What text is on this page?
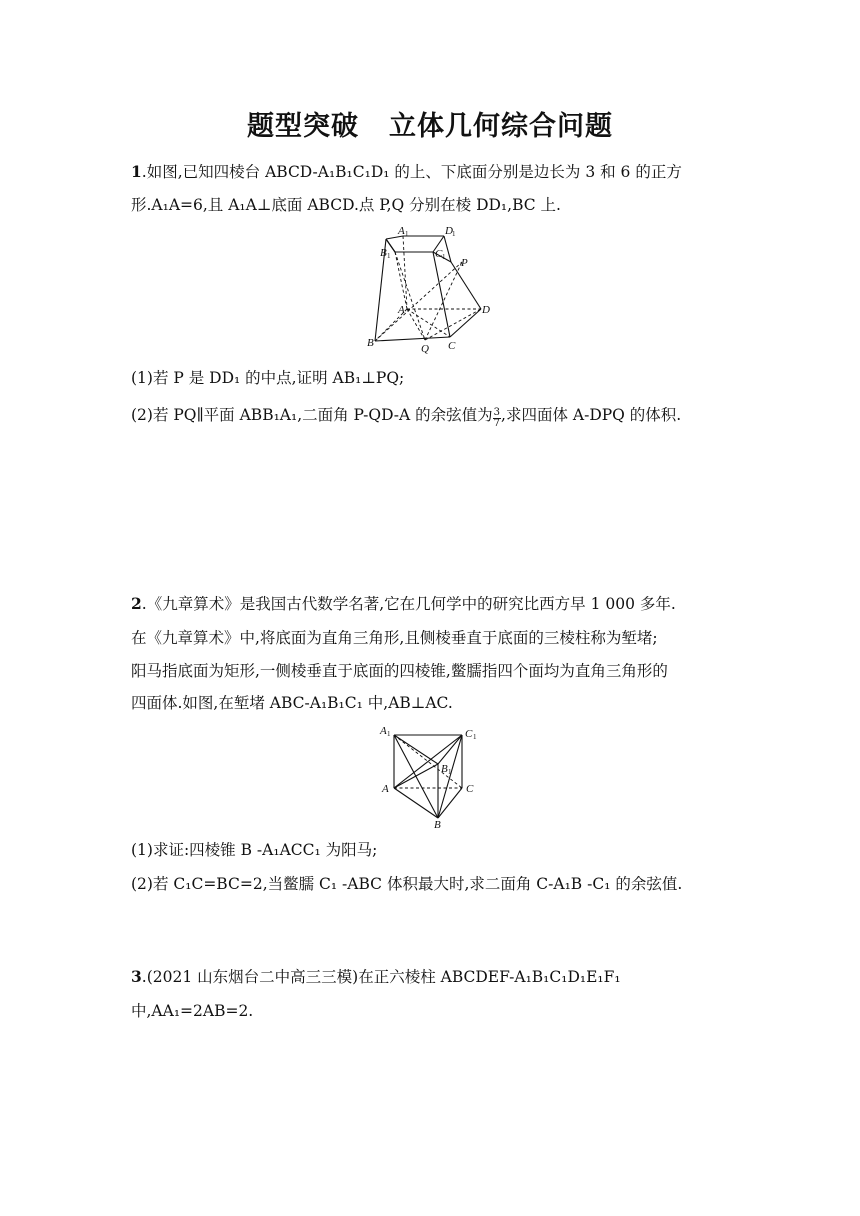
题型突破 立体几何综合问题
1.如图,已知四棱台 ABCD-A₁B₁C₁D₁ 的上、下底面分别是边长为 3 和 6 的正方
形.A₁A=6,且 A₁A⊥底面 ABCD.点 P,Q 分别在棱 DD₁,BC 上.
A 1	D 1
B 1	C 1 P
A	D
B	Q C
(1)若 P 是 DD₁ 的中点,证明 AB₁⊥PQ;
(2)若 PQ∥平面 ABB₁A₁,二面角 P-QD-A 的余弦值为 $\frac{3}{7}$ ,求四面体 A-DPQ 的体积.
2.《九章算术》是我国古代数学名著,它在几何学中的研究比西方早 1 000 多年.
在《九章算术》中,将底面为直角三角形,且侧棱垂直于底面的三棱柱称为堑堵;
阳马指底面为矩形,一侧棱垂直于底面的四棱锥,鳖臑指四个面均为直角三角形的
四面体.如图,在堑堵 ABC-A₁B₁C₁ 中,AB⊥AC.
A 1	C 1
B 1
A	C
B
(1)求证:四棱锥 B -A₁ACC₁ 为阳马;
(2)若 C₁C=BC=2,当鳖臑 C₁ -ABC 体积最大时,求二面角 C-A₁B -C₁ 的余弦值.
3.(2021 山东烟台二中高三三模)在正六棱柱 ABCDEF-A₁B₁C₁D₁E₁F₁
中,AA₁=2AB=2.
